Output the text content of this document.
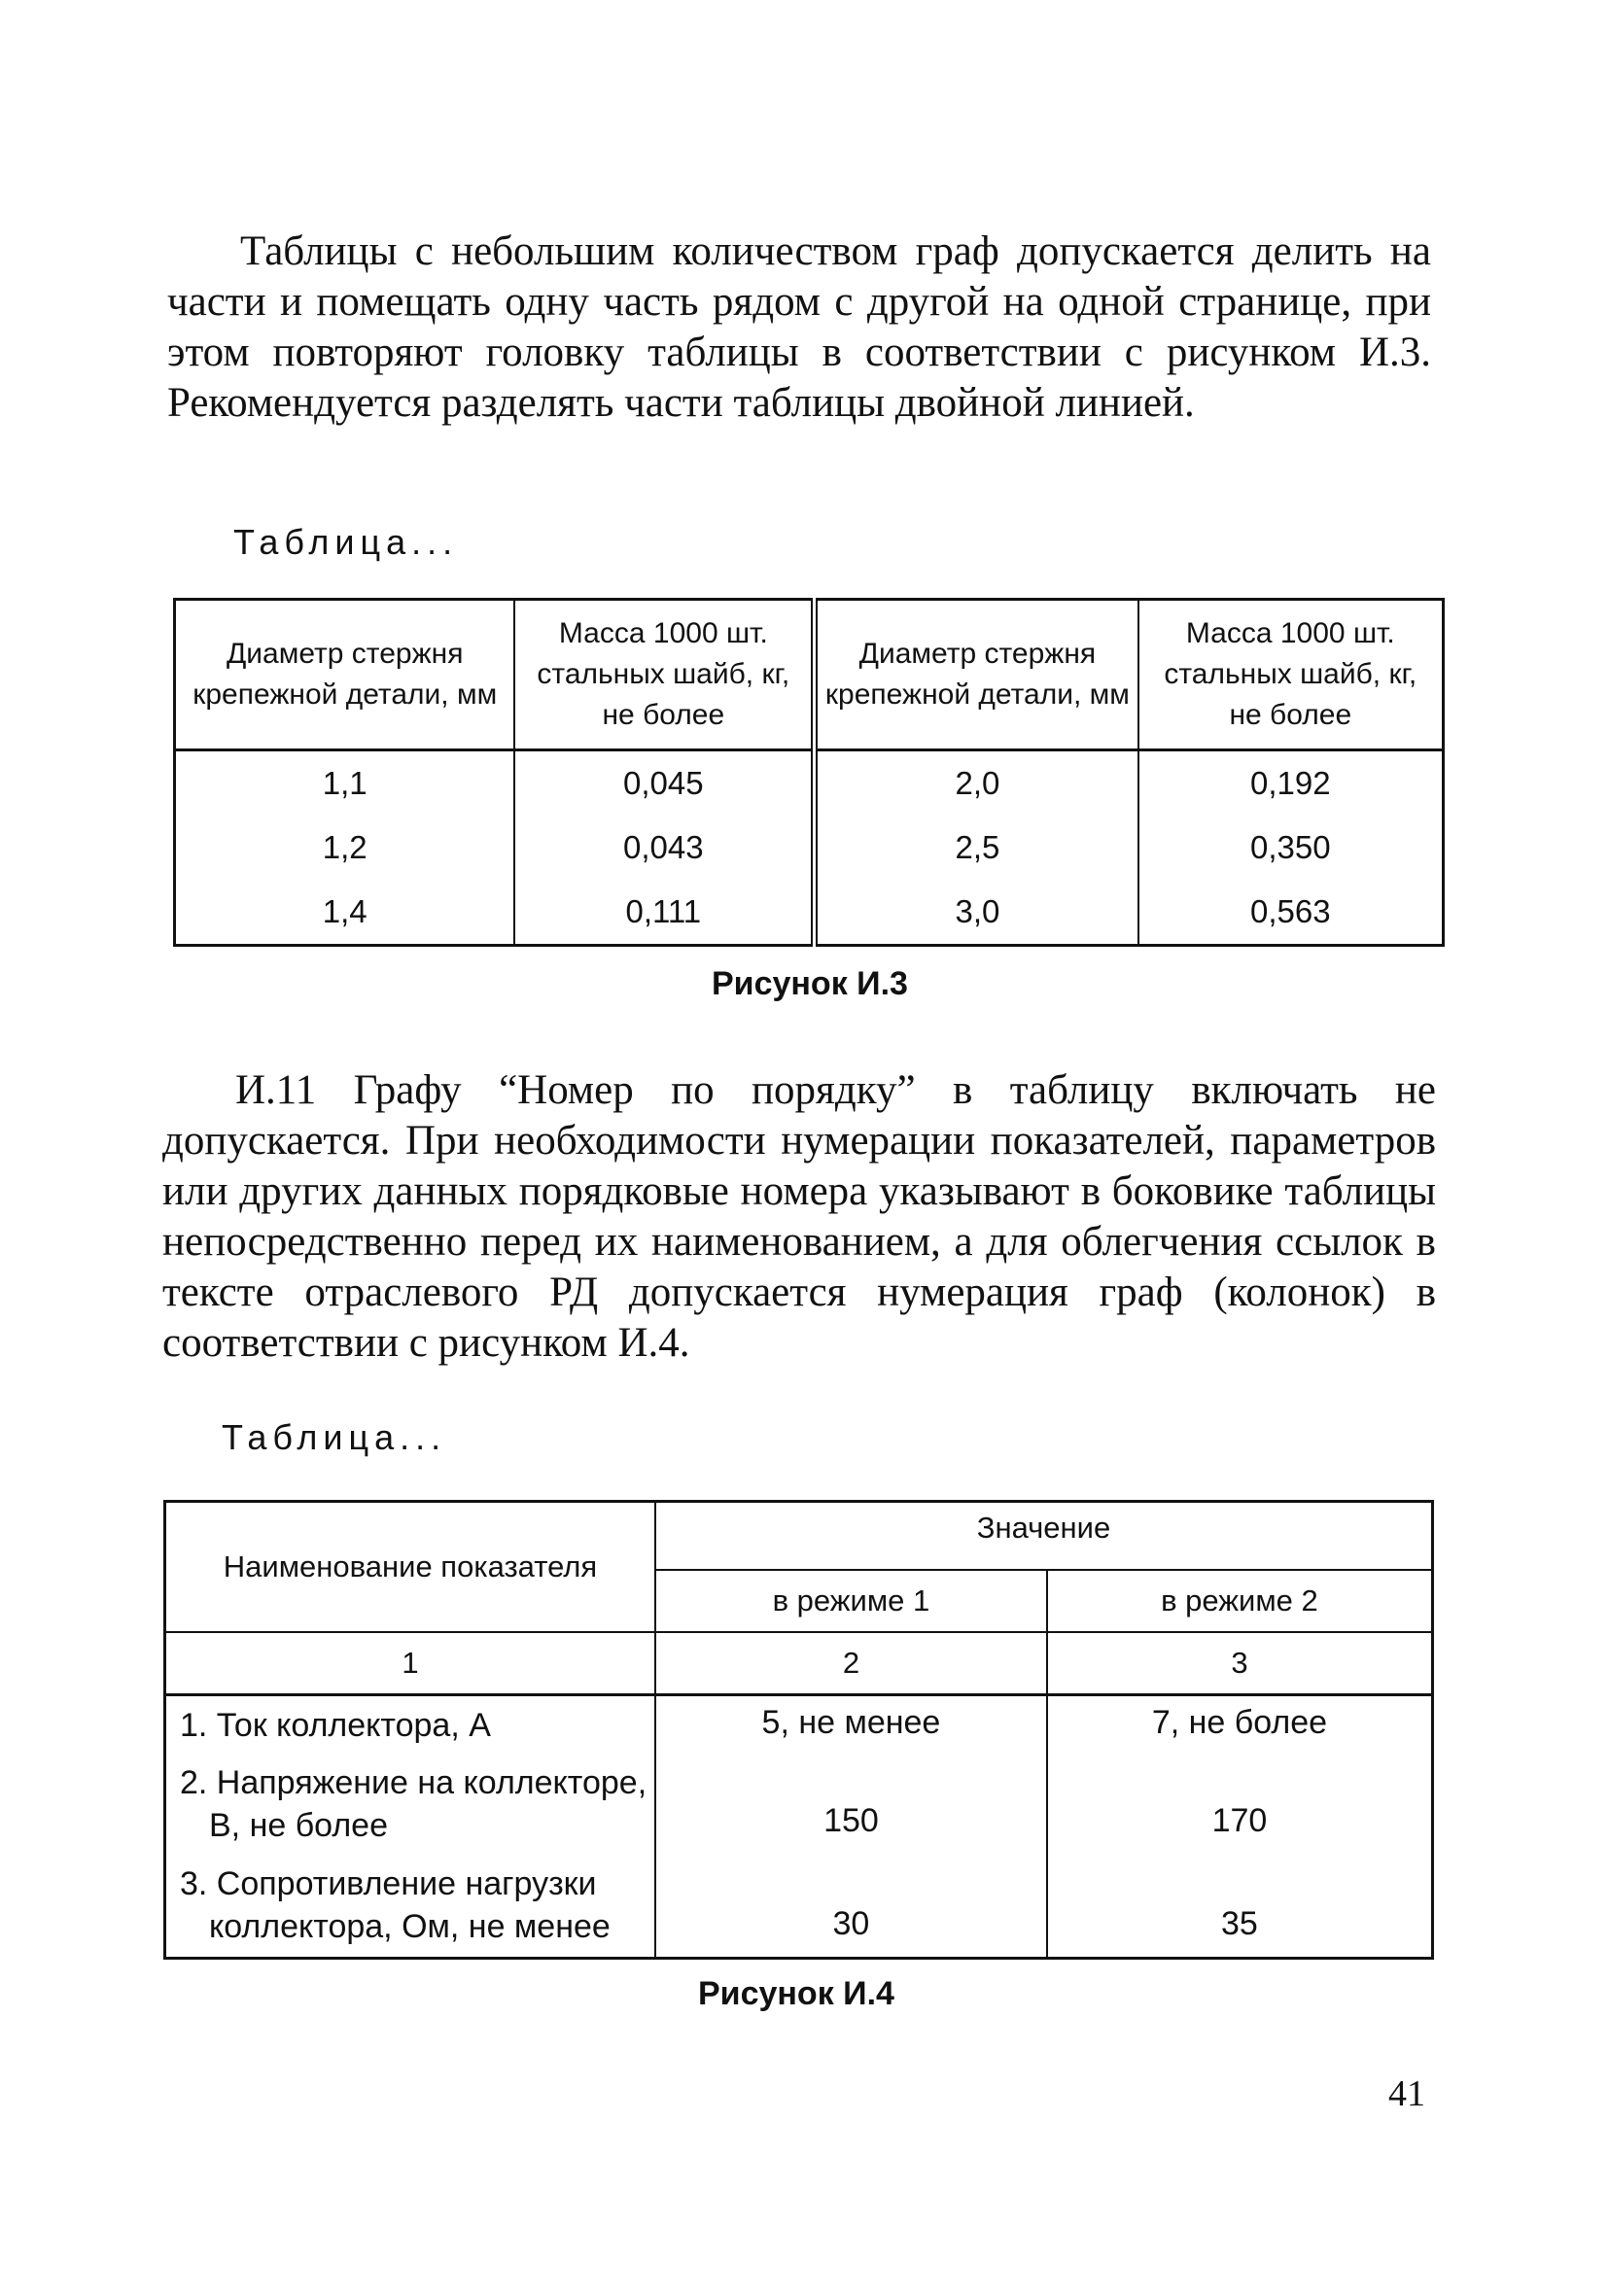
Таблицы с небольшим количеством граф допускается делить на части и помещать одну часть рядом с другой на одной странице, при этом повторяют головку таблицы в соответствии с рисунком И.3. Рекомендуется разделять части таблицы двойной линией.

Таблица...

Диаметр стержня крепежной детали, мм	Масса 1000 шт. стальных шайб, кг, не более	Диаметр стержня крепежной детали, мм	Масса 1000 шт. стальных шайб, кг, не более
1,1	0,045	2,0	0,192
1,2	0,043	2,5	0,350
1,4	0,111	3,0	0,563

Рисунок И.3

И.11 Графу “Номер по порядку” в таблицу включать не допускается. При необходимости нумерации показателей, параметров или других данных порядковые номера указывают в боковике таблицы непосредственно перед их наименованием, а для облегчения ссылок в тексте отраслевого РД допускается нумерация граф (колонок) в соответствии с рисунком И.4.

Таблица...

Наименование показателя	Значение	
	в режиме 1	в режиме 2
1	2	3

1. Ток коллектора, А	5, не менее	7, не более

2. Напряжение на коллекторе, В, не более	150	170

3. Сопротивление нагрузки коллектора, Ом, не менее	30	35

Рисунок И.4

41
